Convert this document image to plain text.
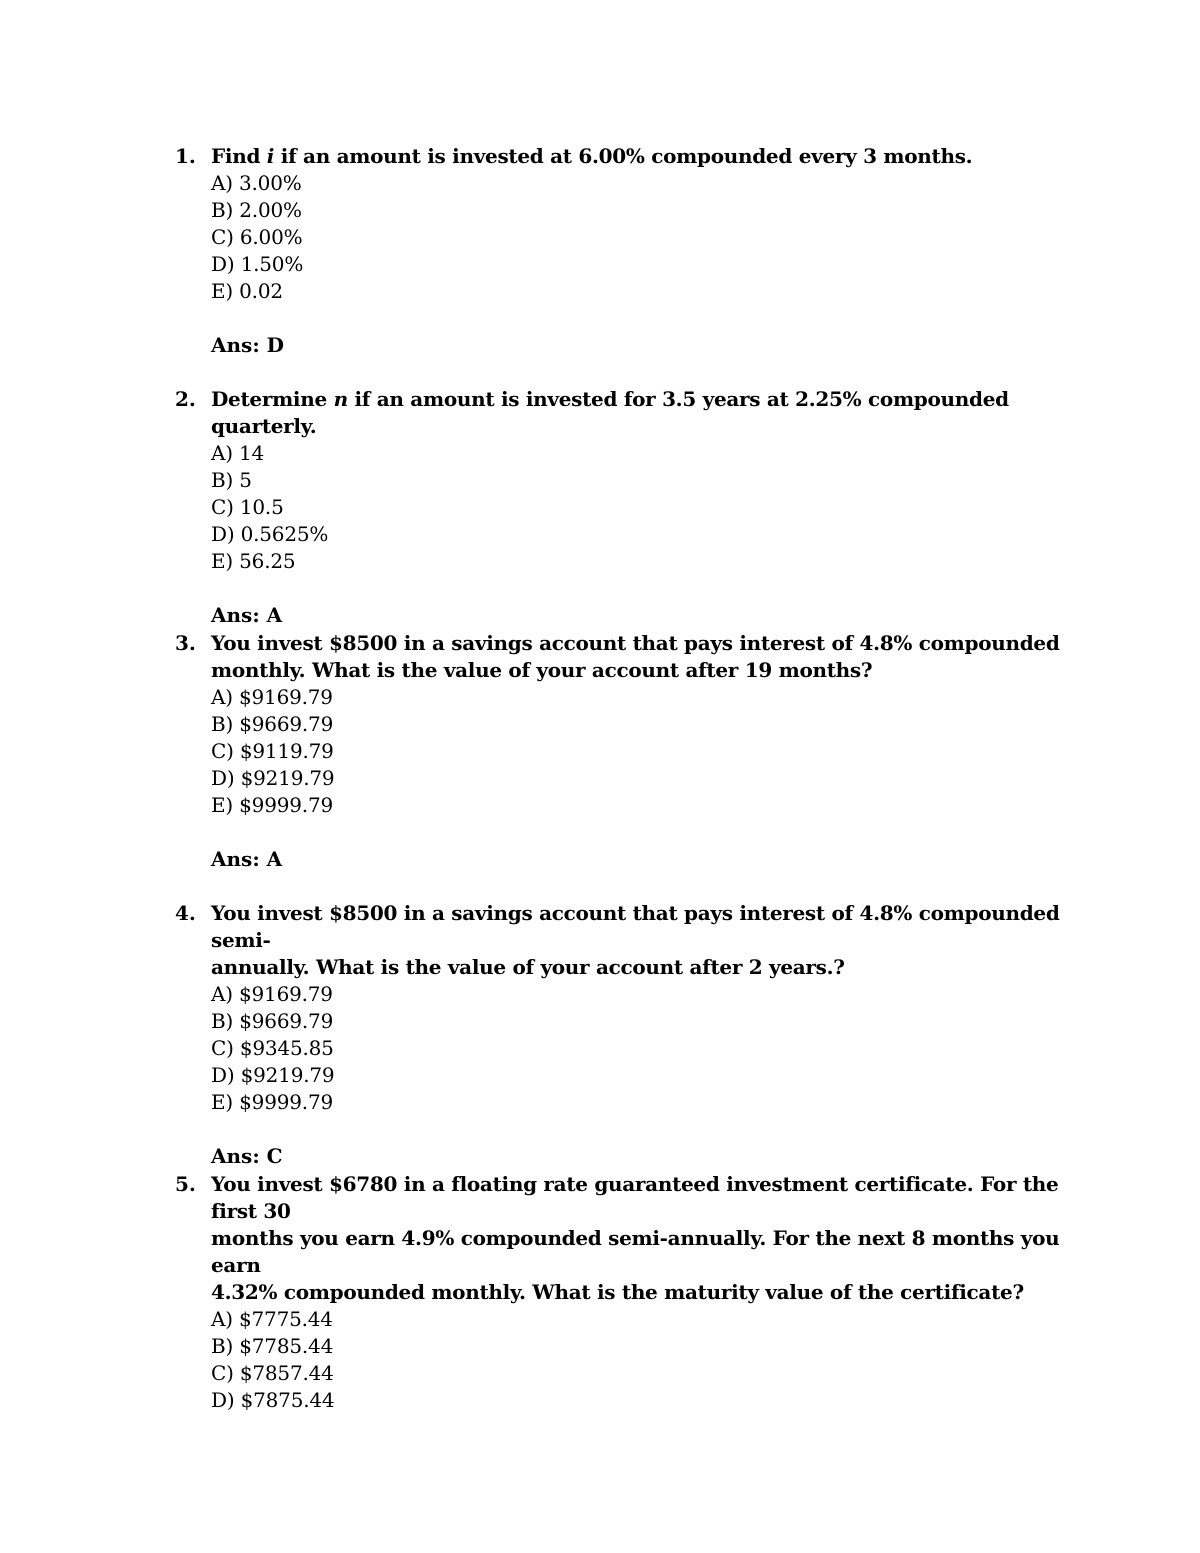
1. Find i if an amount is invested at 6.00% compounded every 3 months.
A) 3.00%
B) 2.00%
C) 6.00%
D) 1.50%
E) 0.02
Ans: D
2. Determine n if an amount is invested for 3.5 years at 2.25% compounded quarterly.
A) 14
B) 5
C) 10.5
D) 0.5625%
E) 56.25
Ans: A
3. You invest $8500 in a savings account that pays interest of 4.8% compounded
monthly. What is the value of your account after 19 months?
A) $9169.79
B) $9669.79
C) $9119.79
D) $9219.79
E) $9999.79
Ans: A
4. You invest $8500 in a savings account that pays interest of 4.8% compounded semi-
annually. What is the value of your account after 2 years.?
A) $9169.79
B) $9669.79
C) $9345.85
D) $9219.79
E) $9999.79
Ans: C
5. You invest $6780 in a floating rate guaranteed investment certificate. For the first 30
months you earn 4.9% compounded semi-annually. For the next 8 months you earn
4.32% compounded monthly. What is the maturity value of the certificate?
A) $7775.44
B) $7785.44
C) $7857.44
D) $7875.44
